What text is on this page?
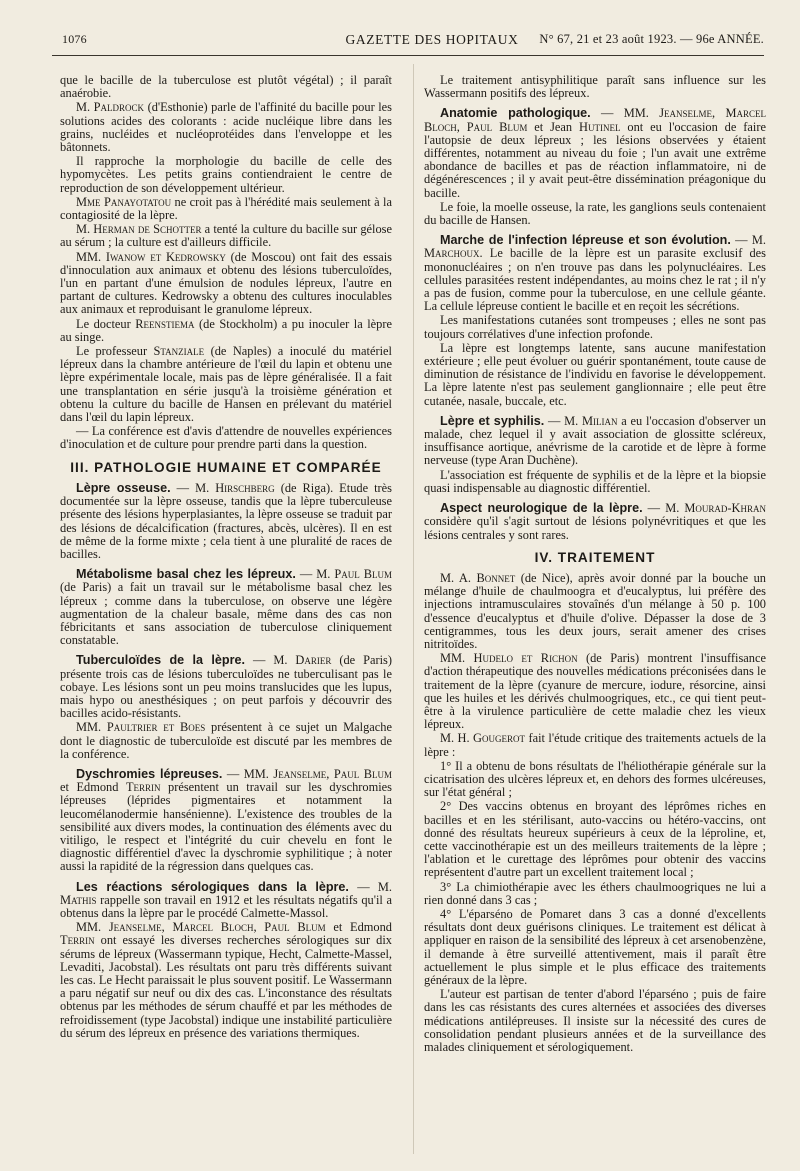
1076	GAZETTE DES HOPITAUX	N° 67, 21 et 23 août 1923. — 96e ANNÉE.

que le bacille de la tuberculose est plutôt végétal) ; il paraît anaérobie.

M. Paldrock (d'Esthonie) parle de l'affinité du bacille pour les solutions acides des colorants : acide nucléique libre dans les grains, nucléides et nucléoprotéides dans l'enveloppe et les bâtonnets.

Il rapproche la morphologie du bacille de celle des hypomycètes. Les petits grains contiendraient le centre de reproduction de son développement ultérieur.

Mme Panayotatou ne croit pas à l'hérédité mais seulement à la contagiosité de la lèpre.

M. Herman de Schotter a tenté la culture du bacille sur gélose au sérum ; la culture est d'ailleurs difficile.

MM. Iwanow et Kedrowsky (de Moscou) ont fait des essais d'innoculation aux animaux et obtenu des lésions tuberculoïdes, l'un en partant d'une émulsion de nodules lépreux, l'autre en partant de cultures. Kedrowsky a obtenu des cultures inoculables aux animaux et reproduisant le granulome lépreux.

Le docteur Reenstiema (de Stockholm) a pu inoculer la lèpre au singe.

Le professeur Stanziale (de Naples) a inoculé du matériel lépreux dans la chambre antérieure de l'œil du lapin et obtenu une lèpre expérimentale locale, mais pas de lèpre généralisée. Il a fait une transplantation en série jusqu'à la troisième génération et obtenu la culture du bacille de Hansen en prélevant du matériel dans l'œil du lapin lépreux.

— La conférence est d'avis d'attendre de nouvelles expériences d'inoculation et de culture pour prendre parti dans la question.

III. PATHOLOGIE HUMAINE ET COMPARÉE

Lèpre osseuse. — M. Hirschberg (de Riga). Etude très documentée sur la lèpre osseuse, tandis que la lèpre tuberculeuse présente des lésions hyperplasiantes, la lèpre osseuse se traduit par des lésions de décalcification (fractures, abcès, ulcères). Il en est de même de la forme mixte ; cela tient à une pluralité de races de bacilles.

Métabolisme basal chez les lépreux. — M. Paul Blum (de Paris) a fait un travail sur le métabolisme basal chez les lépreux ; comme dans la tuberculose, on observe une légère augmentation de la chaleur basale, même dans des cas non fébricitants et sans association de tuberculose cliniquement constatable.

Tuberculoïdes de la lèpre. — M. Darier (de Paris) présente trois cas de lésions tuberculoïdes ne tuberculisant pas le cobaye. Les lésions sont un peu moins translucides que les lupus, mais hypo ou anesthésiques ; on peut parfois y découvrir des bacilles acido-résistants.

MM. Paultrier et Boes présentent à ce sujet un Malgache dont le diagnostic de tuberculoïde est discuté par les membres de la conférence.

Dyschromies lépreuses. — MM. Jeanselme, Paul Blum et Edmond Terrin présentent un travail sur les dyschromies lépreuses (léprides pigmentaires et notamment la leucomélanodermie hansénienne). L'existence des troubles de la sensibilité aux divers modes, la continuation des éléments avec du vitiligo, le respect et l'intégrité du cuir chevelu en font le diagnostic différentiel d'avec la dyschromie syphilitique ; à noter aussi la rapidité de la régression dans quelques cas.

Les réactions sérologiques dans la lèpre. — M. Mathis rappelle son travail en 1912 et les résultats négatifs qu'il a obtenus dans la lèpre par le procédé Calmette-Massol.

MM. Jeanselme, Marcel Bloch, Paul Blum et Edmond Terrin ont essayé les diverses recherches sérologiques sur dix sérums de lépreux (Wassermann typique, Hecht, Calmette-Massel, Levaditi, Jacobstal). Les résultats ont paru très différents suivant les cas. Le Hecht paraissait le plus souvent positif. Le Wassermann a paru négatif sur neuf ou dix des cas. L'inconstance des résultats obtenus par les méthodes de sérum chauffé et par les méthodes de refroidissement (type Jacobstal) indique une instabilité particulière du sérum des lépreux en présence des variations thermiques.

Le traitement antisyphilitique paraît sans influence sur les Wassermann positifs des lépreux.

Anatomie pathologique. — MM. Jeanselme, Marcel Bloch, Paul Blum et Jean Hutinel ont eu l'occasion de faire l'autopsie de deux lépreux ; les lésions observées y étaient différentes, notamment au niveau du foie ; l'un avait une extrême abondance de bacilles et pas de réaction inflammatoire, ni de dégénérescences ; il y avait peut-être dissémination préagonique du bacille.

Le foie, la moelle osseuse, la rate, les ganglions seuls contenaient du bacille de Hansen.

Marche de l'infection lépreuse et son évolution. — M. Marchoux. Le bacille de la lèpre est un parasite exclusif des mononucléaires ; on n'en trouve pas dans les polynucléaires. Les cellules parasitées restent indépendantes, au moins chez le rat ; il n'y a pas de fusion, comme pour la tuberculose, en une cellule géante. La cellule lépreuse contient le bacille et en reçoit les sécrétions.

Les manifestations cutanées sont trompeuses ; elles ne sont pas toujours corrélatives d'une infection profonde.

La lèpre est longtemps latente, sans aucune manifestation extérieure ; elle peut évoluer ou guérir spontanément, toute cause de diminution de résistance de l'individu en favorise le développement. La lèpre latente n'est pas seulement ganglionnaire ; elle peut être cutanée, nasale, buccale, etc.

Lèpre et syphilis. — M. Milian a eu l'occasion d'observer un malade, chez lequel il y avait association de glossitte scléreux, insuffisance aortique, anévrisme de la carotide et de lèpre à forme nerveuse (type Aran Duchène).

L'association est fréquente de syphilis et de la lèpre et la biopsie quasi indispensable au diagnostic différentiel.

Aspect neurologique de la lèpre. — M. Mourad-Khran considère qu'il s'agit surtout de lésions polynévritiques et que les lésions centrales y sont rares.

IV. TRAITEMENT

M. A. Bonnet (de Nice), après avoir donné par la bouche un mélange d'huile de chaulmoogra et d'eucalyptus, lui préfère des injections intramusculaires stovaînés d'un mélange à 50 p. 100 d'essence d'eucalyptus et d'huile d'olive. Dépasser la dose de 3 centigrammes, tous les deux jours, serait amener des crises nitritoïdes.

MM. Hudelo et Richon (de Paris) montrent l'insuffisance d'action thérapeutique des nouvelles médications préconisées dans le traitement de la lèpre (cyanure de mercure, iodure, résorcine, ainsi que les huiles et les dérivés chulmoogriques, etc., ce qui tient peut-être à la virulence particulière de cette maladie chez les vieux lépreux.

M. H. Gougerot fait l'étude critique des traitements actuels de la lèpre :

1° Il a obtenu de bons résultats de l'héliothérapie générale sur la cicatrisation des ulcères lépreux et, en dehors des formes ulcéreuses, sur l'état général ;

2° Des vaccins obtenus en broyant des léprômes riches en bacilles et en les stérilisant, auto-vaccins ou hétéro-vaccins, ont donné des résultats heureux supérieurs à ceux de la léproline, et, cette vaccinothérapie est un des meilleurs traitements de la lèpre ; l'ablation et le curettage des léprômes pour obtenir des vaccins représentent d'autre part un excellent traitement local ;

3° La chimiothérapie avec les éthers chaulmoogriques ne lui a rien donné dans 3 cas ;

4° L'éparséno de Pomaret dans 3 cas a donné d'excellents résultats dont deux guérisons cliniques. Le traitement est délicat à appliquer en raison de la sensibilité des lépreux à cet arsenobenzène, il demande à être surveillé attentivement, mais il paraît être actuellement le plus simple et le plus efficace des traitements généraux de la lèpre.

L'auteur est partisan de tenter d'abord l'éparséno ; puis de faire dans les cas résistants des cures alternées et associées des diverses médications antilépreuses. Il insiste sur la nécessité des cures de consolidation pendant plusieurs années et de la surveillance des malades cliniquement et sérologiquement.
